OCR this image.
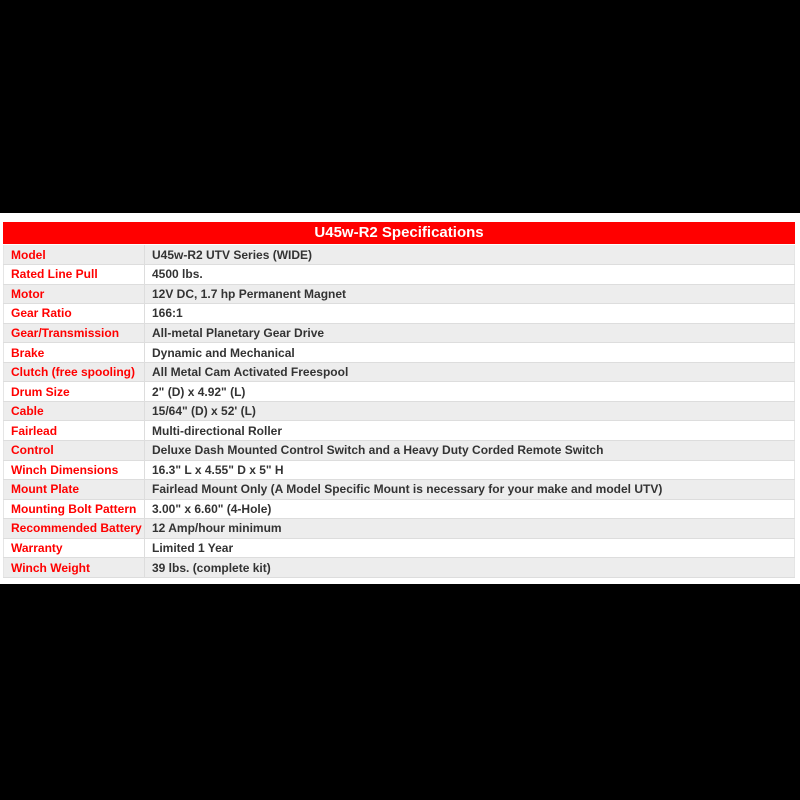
U45w-R2 Specifications
Model	U45w-R2 UTV Series (WIDE)
Rated Line Pull	4500 lbs.
Motor	12V DC, 1.7 hp Permanent Magnet
Gear Ratio	166:1
Gear/Transmission	All-metal Planetary Gear Drive
Brake	Dynamic and Mechanical
Clutch (free spooling)	All Metal Cam Activated Freespool
Drum Size	2" (D) x 4.92" (L)
Cable	15/64" (D) x 52' (L)
Fairlead	Multi-directional Roller
Control	Deluxe Dash Mounted Control Switch and a Heavy Duty Corded Remote Switch
Winch Dimensions	16.3" L x 4.55" D x 5" H
Mount Plate	Fairlead Mount Only (A Model Specific Mount is necessary for your make and model UTV)
Mounting Bolt Pattern	3.00" x 6.60" (4-Hole)
Recommended Battery	12 Amp/hour minimum
Warranty	Limited 1 Year
Winch Weight	39 lbs. (complete kit)
